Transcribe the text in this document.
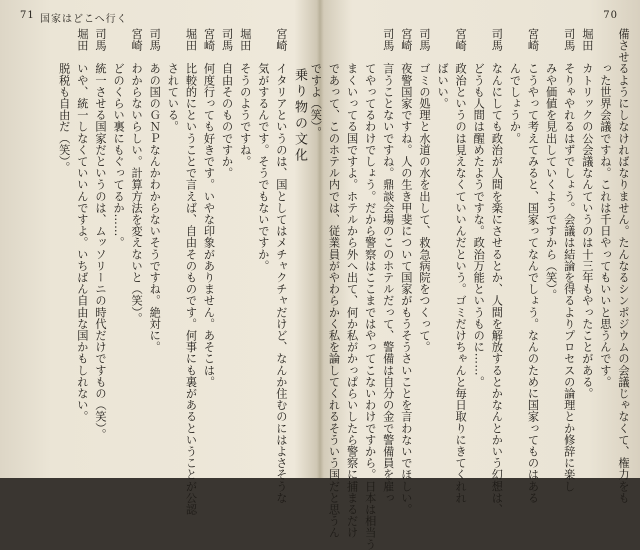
71 国家はどこへ行く
乗り物の文化
宮崎　イタリアというのは、国としてはメチャクチャだけど、なんか住むのにはよさそうな
　　　気がするんです。そうでもないですか。
堀田　そうのようですね。
司馬　自由そのものですか。
宮崎　何度行っても好きです。いやな印象がありません。あそこは。
堀田　比較的にということで言えば、自由そのものです。何事にも裏があるということが公認
　　　されている。
司馬　あの国のＧＮＰなんかわからないそうですね。絶対に。
宮崎　わからないらしい。計算方法を変えないと（笑）。
　　　どのくらい裏にもぐってるか……。
司馬　統一させる国家だというのは、ムッソリーニの時代だけですもの（笑）。
堀田　いや、統一しなくていいんですよ。いちばん自由な国かもしれない。
　　　脱税も自由だ（笑）。
70
備させるようにしなければなりません。たんなるシンポジウムの会議じゃなくて、権力をも
　　　った世界会議ですね。これは千日やってもいいと思うんです。
堀田　カトリックの公会議なんていうのは十三年もやったことがある。
司馬　そりゃやれるはずでしょう。会議は結論を得るよりプロセスの論理とか修辞に楽し
　　　みや価値を見出していくようですから（笑）。
宮崎　こうやって考えてみると、国家ってなんでしょう。なんのために国家ってものはある
　　　んでしょうか。
司馬　なんにしても政治が人間を楽にさせるとか、人間を解放するとかなんとかいう幻想は、
　　　どうも人間は醒めたようですな。政治万能というものに……。
宮崎　政治というのは見えなくていいんだという。ゴミだけちゃんと毎日取りにきてくれれ
　　　ばいい。
司馬　ゴミの処理と水道の水を出して、救急病院をつくって。
宮崎　夜警国家ですね。人の生き甲斐について国家がもうそうさいことを言わないでほしい。
司馬　言うことないですね。鼎談会場のこのホテルだって、警備は自分の金で警備員を雇っ
　　　てやってるわけでしょう。だから警察はここまではやってこないわけですから。日本は相当う
　　　まくいってる国ですよ。ホテルから外へ出て、何か私がかっぱらいしたら警察に捕まるだけ
　　　であって、このホテル内では、従業員がやわらかく私を論してくれるそういう国だと思うん
　　　ですよ（笑）。
